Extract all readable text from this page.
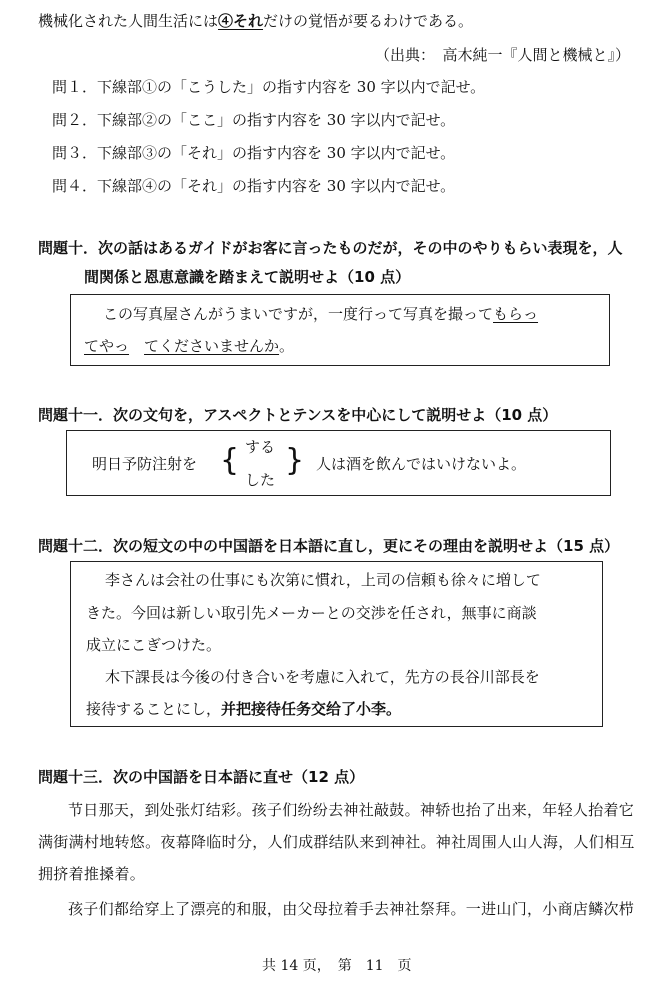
機械化された人間生活には④それだけの覚悟が要るわけである。
（出典：　高木純一『人間と機械と』）
問１．下線部①の「こうした」の指す内容を 30 字以内で記せ。
問２．下線部②の「ここ」の指す内容を 30 字以内で記せ。
問３．下線部③の「それ」の指す内容を 30 字以内で記せ。
問４．下線部④の「それ」の指す内容を 30 字以内で記せ。
問題十．次の話はあるガイドがお客に言ったものだが，その中のやりもらい表現を，人
間関係と恩恵意識を踏まえて説明せよ（10 点）
この写真屋さんがうまいですが，一度行って写真を撮ってもらっ
てやっ　 てくださいませんか。
問題十一．次の文句を，アスペクトとテンスを中心にして説明せよ（10 点）
明日予防注射を { する
した
} 人は酒を飲んではいけないよ。
問題十二．次の短文の中の中国語を日本語に直し，更にその理由を説明せよ（15 点）
李さんは会社の仕事にも次第に慣れ，上司の信頼も徐々に増して
きた。今回は新しい取引先メーカーとの交渉を任され，無事に商談
成立にこぎつけた。
木下課長は今後の付き合いを考慮に入れて，先方の長谷川部長を
接待することにし，并把接待任务交给了小李。
問題十三．次の中国語を日本語に直せ（12 点）
节日那天，到处张灯结彩。孩子们纷纷去神社敲鼓。神轿也抬了出来，年轻人抬着它
满街满村地转悠。夜幕降临时分，人们成群结队来到神社。神社周围人山人海，人们相互
拥挤着推搡着。
孩子们都给穿上了漂亮的和服，由父母拉着手去神社祭拜。一进山门，小商店鳞次栉
共 14 页，　第　11　页
